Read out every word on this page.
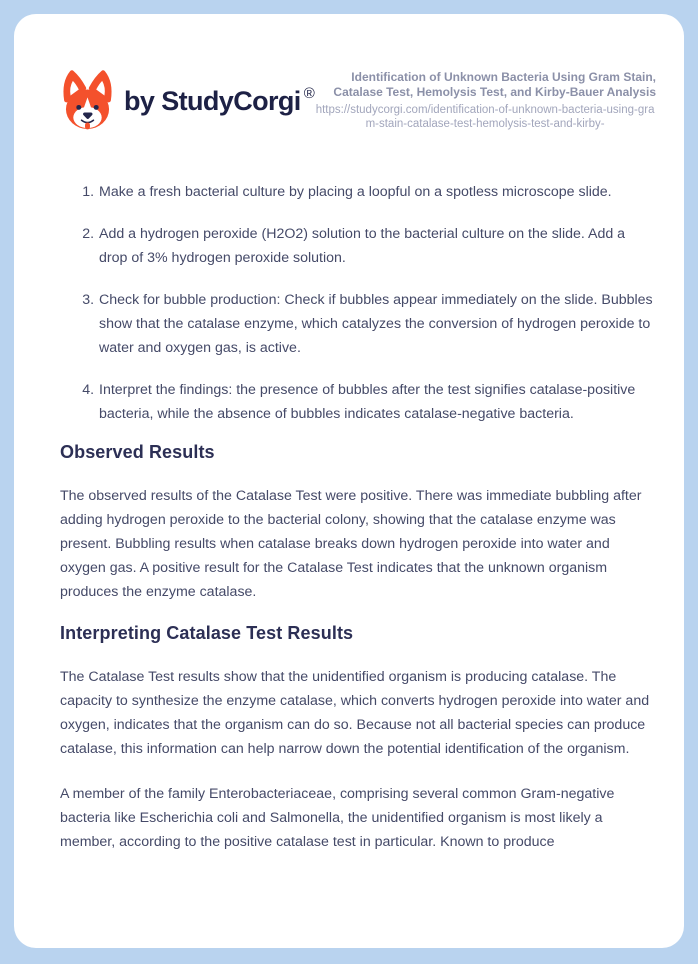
by StudyCorgi ®
Identification of Unknown Bacteria Using Gram Stain, Catalase Test, Hemolysis Test, and Kirby-Bauer Analysis
https://studycorgi.com/identification-of-unknown-bacteria-using-gram-stain-catalase-test-hemolysis-test-and-kirby-
1. Make a fresh bacterial culture by placing a loopful on a spotless microscope slide.
2. Add a hydrogen peroxide (H2O2) solution to the bacterial culture on the slide. Add a drop of 3% hydrogen peroxide solution.
3. Check for bubble production: Check if bubbles appear immediately on the slide. Bubbles show that the catalase enzyme, which catalyzes the conversion of hydrogen peroxide to water and oxygen gas, is active.
4. Interpret the findings: the presence of bubbles after the test signifies catalase-positive bacteria, while the absence of bubbles indicates catalase-negative bacteria.
Observed Results

The observed results of the Catalase Test were positive. There was immediate bubbling after adding hydrogen peroxide to the bacterial colony, showing that the catalase enzyme was present. Bubbling results when catalase breaks down hydrogen peroxide into water and oxygen gas. A positive result for the Catalase Test indicates that the unknown organism produces the enzyme catalase.

Interpreting Catalase Test Results

The Catalase Test results show that the unidentified organism is producing catalase. The capacity to synthesize the enzyme catalase, which converts hydrogen peroxide into water and oxygen, indicates that the organism can do so. Because not all bacterial species can produce catalase, this information can help narrow down the potential identification of the organism.

A member of the family Enterobacteriaceae, comprising several common Gram-negative bacteria like Escherichia coli and Salmonella, the unidentified organism is most likely a member, according to the positive catalase test in particular. Known to produce
